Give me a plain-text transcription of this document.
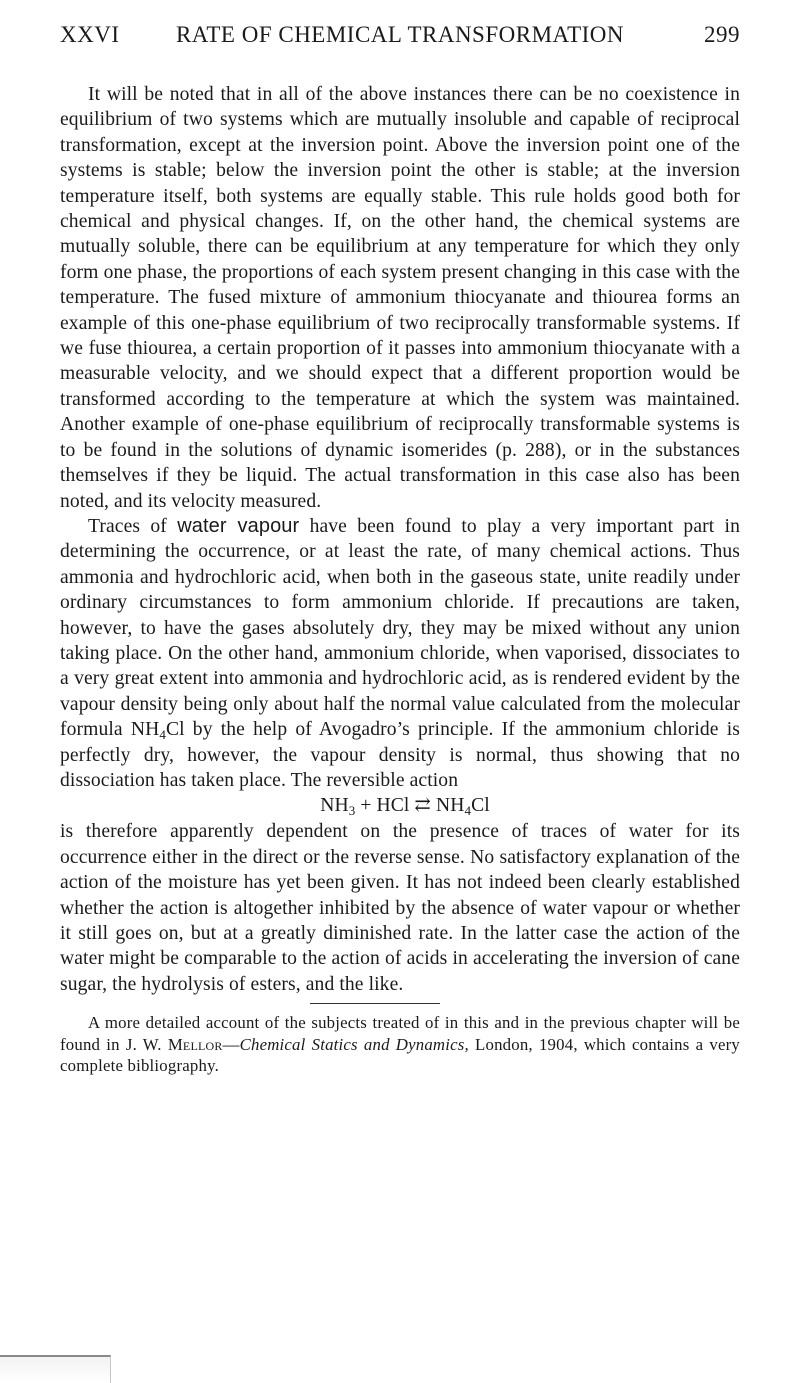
XXVI	RATE OF CHEMICAL TRANSFORMATION	299

It will be noted that in all of the above instances there can be no coexistence in equilibrium of two systems which are mutually insoluble and capable of reciprocal transformation, except at the inversion point. Above the inversion point one of the systems is stable; below the inversion point the other is stable; at the inversion temperature itself, both systems are equally stable. This rule holds good both for chemical and physical changes. If, on the other hand, the chemical systems are mutually soluble, there can be equilibrium at any temperature for which they only form one phase, the proportions of each system present changing in this case with the temperature. The fused mixture of ammonium thiocyanate and thiourea forms an example of this one-phase equilibrium of two reciprocally transformable systems. If we fuse thiourea, a certain proportion of it passes into ammonium thiocyanate with a measurable velocity, and we should expect that a different proportion would be transformed according to the temperature at which the system was maintained. Another example of one-phase equilibrium of reciprocally transformable systems is to be found in the solutions of dynamic isomerides (p. 288), or in the substances themselves if they be liquid. The actual transformation in this case also has been noted, and its velocity measured.

Traces of water vapour have been found to play a very important part in determining the occurrence, or at least the rate, of many chemical actions. Thus ammonia and hydrochloric acid, when both in the gaseous state, unite readily under ordinary circumstances to form ammonium chloride. If precautions are taken, however, to have the gases absolutely dry, they may be mixed without any union taking place. On the other hand, ammonium chloride, when vaporised, dissociates to a very great extent into ammonia and hydrochloric acid, as is rendered evident by the vapour density being only about half the normal value calculated from the molecular formula $NH_4Cl$ by the help of Avogadro’s principle. If the ammonium chloride is perfectly dry, however, the vapour density is normal, thus showing that no dissociation has taken place. The reversible action

$NH_3$ + HCl ⇄ $NH_4Cl$

is therefore apparently dependent on the presence of traces of water for its occurrence either in the direct or the reverse sense. No satisfactory explanation of the action of the moisture has yet been given. It has not indeed been clearly established whether the action is altogether inhibited by the absence of water vapour or whether it still goes on, but at a greatly diminished rate. In the latter case the action of the water might be comparable to the action of acids in accelerating the inversion of cane sugar, the hydrolysis of esters, and the like.

A more detailed account of the subjects treated of in this and in the previous chapter will be found in J. W. Mellor—Chemical Statics and Dynamics, London, 1904, which contains a very complete bibliography.
